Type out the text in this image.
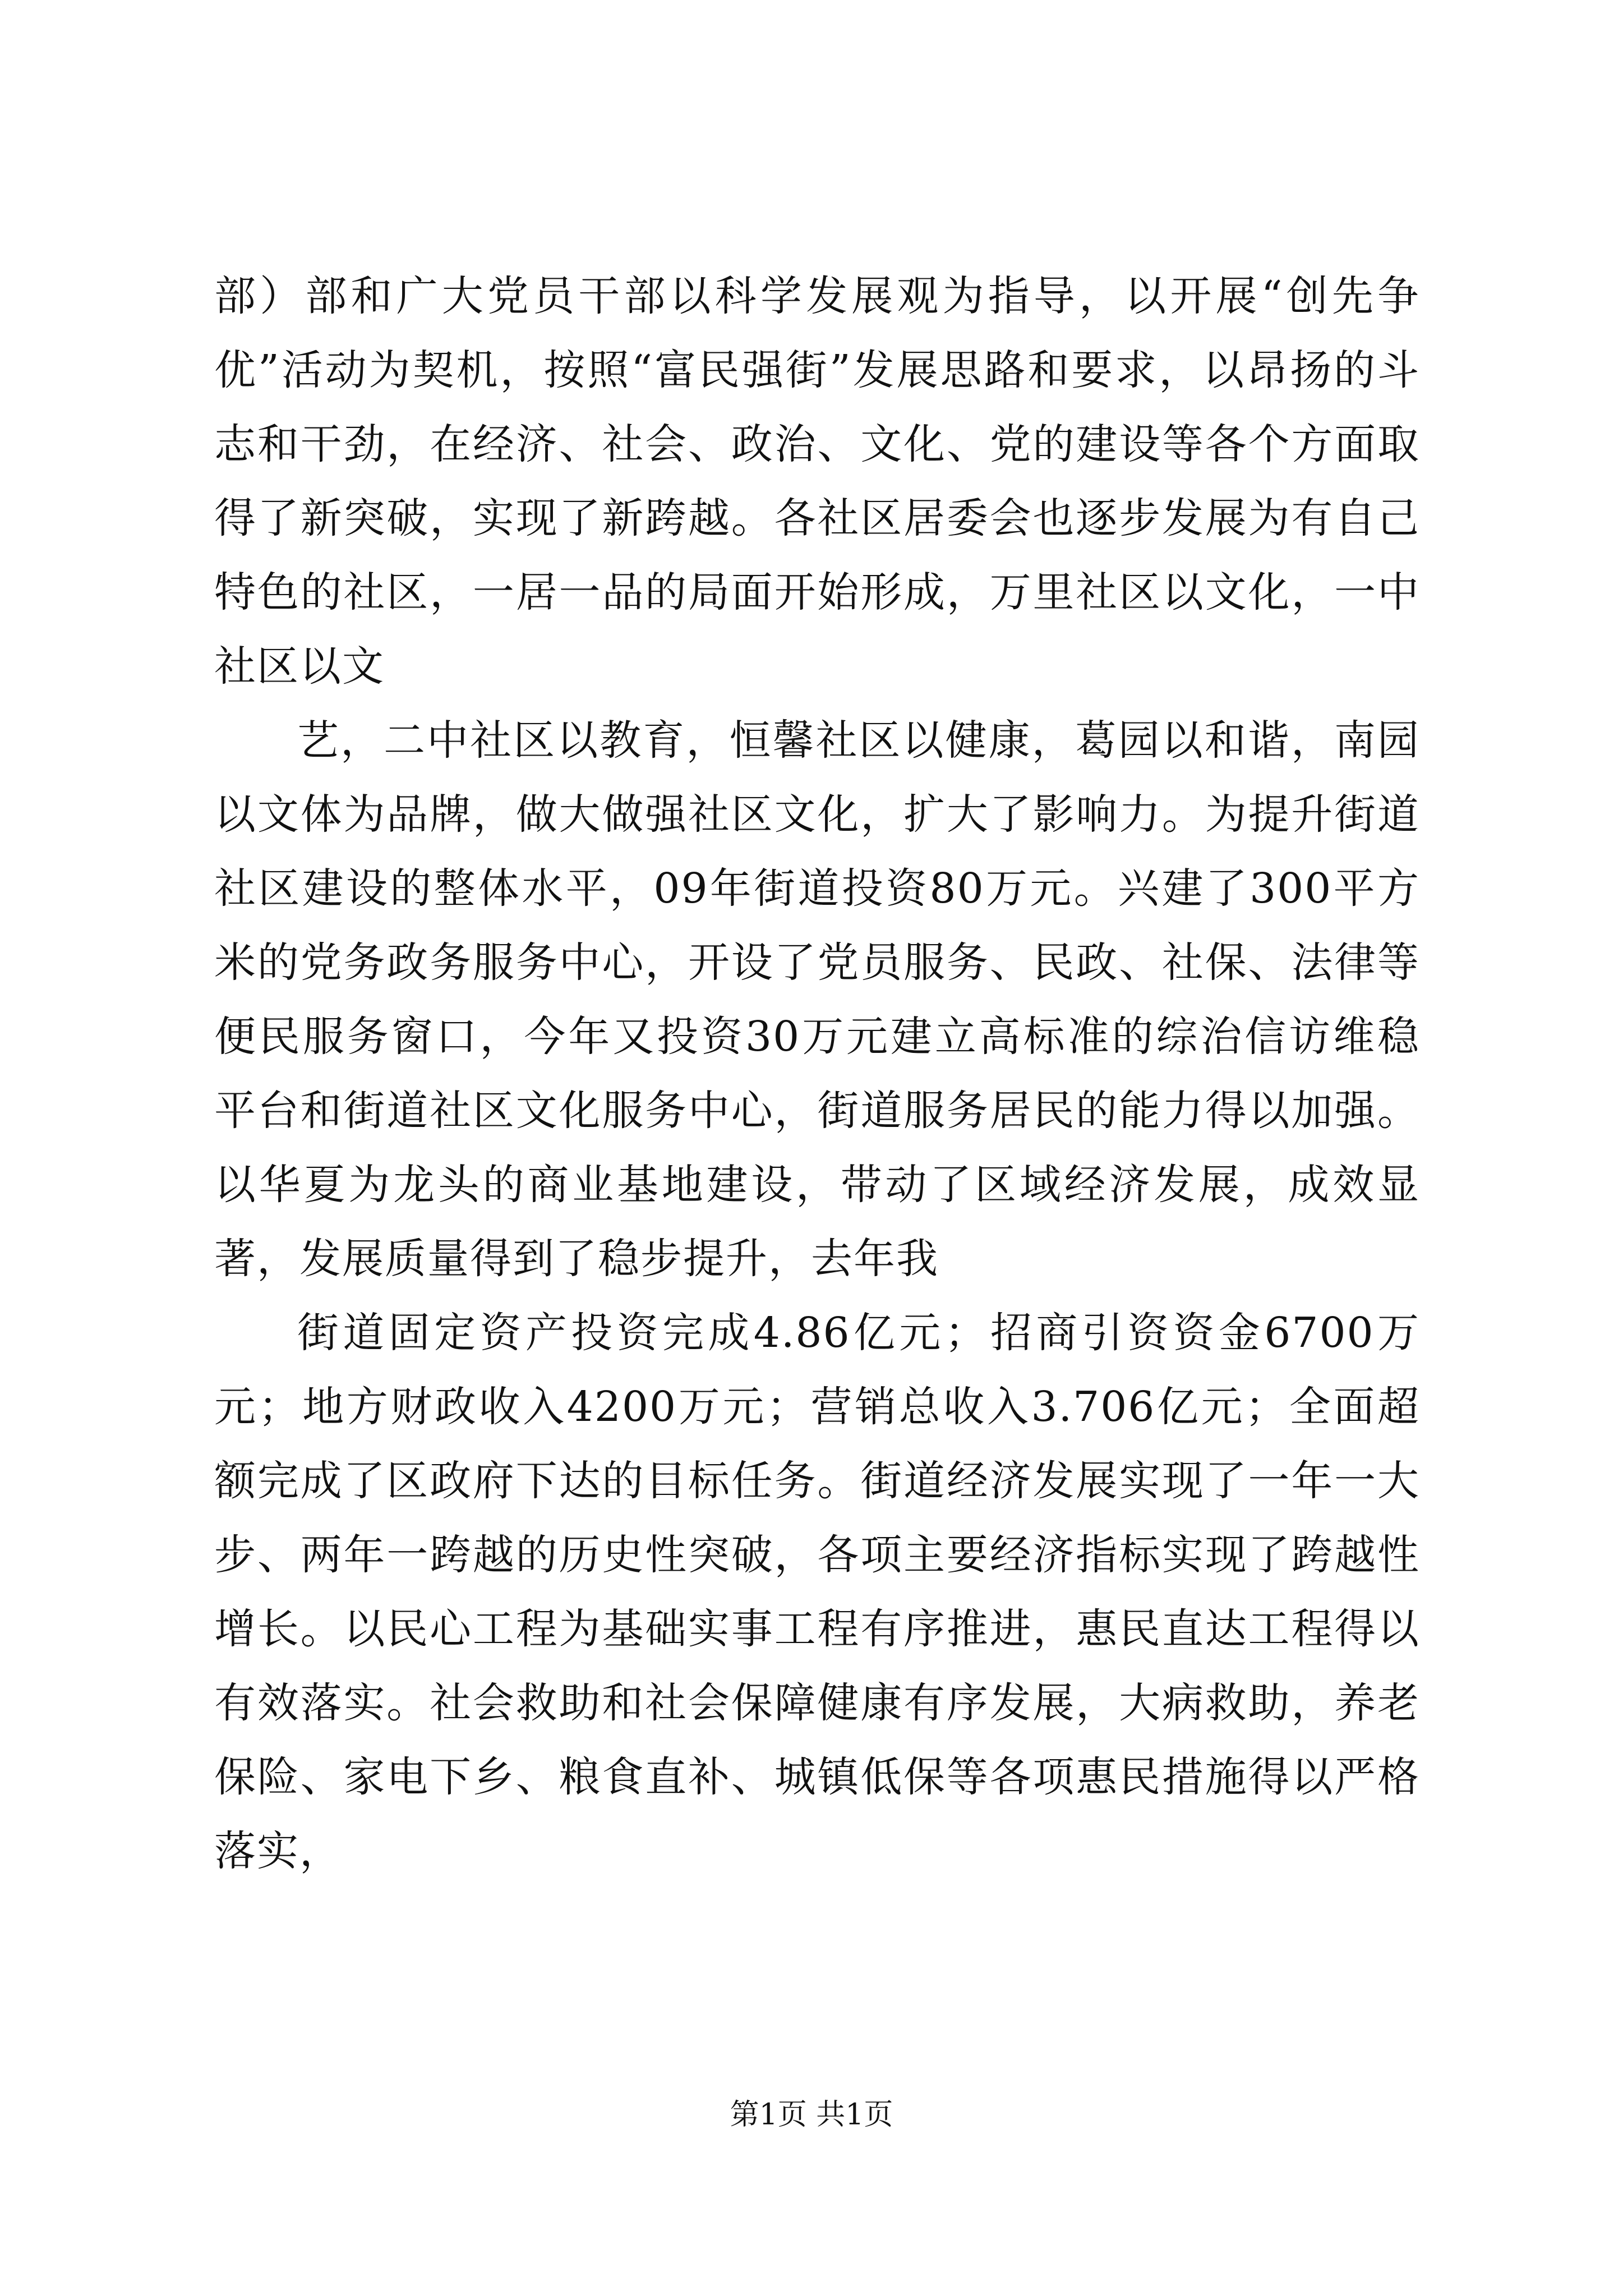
部）部和广大党员干部以科学发展观为指导，以开展“创先争优”活动为契机，按照“富民强街”发展思路和要求，以昂扬的斗志和干劲，在经济、社会、政治、文化、党的建设等各个方面取得了新突破，实现了新跨越。各社区居委会也逐步发展为有自己特色的社区，一居一品的局面开始形成，万里社区以文化，一中社区以文

艺，二中社区以教育，恒馨社区以健康，葛园以和谐，南园以文体为品牌，做大做强社区文化，扩大了影响力。为提升街道社区建设的整体水平，09年街道投资80万元。兴建了300平方米的党务政务服务中心，开设了党员服务、民政、社保、法律等便民服务窗口，今年又投资30万元建立高标准的综治信访维稳平台和街道社区文化服务中心，街道服务居民的能力得以加强。以华夏为龙头的商业基地建设，带动了区域经济发展，成效显著，发展质量得到了稳步提升，去年我

街道固定资产投资完成4.86亿元；招商引资资金6700万元；地方财政收入4200万元；营销总收入3.706亿元；全面超额完成了区政府下达的目标任务。街道经济发展实现了一年一大步、两年一跨越的历史性突破，各项主要经济指标实现了跨越性增长。以民心工程为基础实事工程有序推进，惠民直达工程得以有效落实。社会救助和社会保障健康有序发展，大病救助，养老保险、家电下乡、粮食直补、城镇低保等各项惠民措施得以严格落实，

第1页 共1页
